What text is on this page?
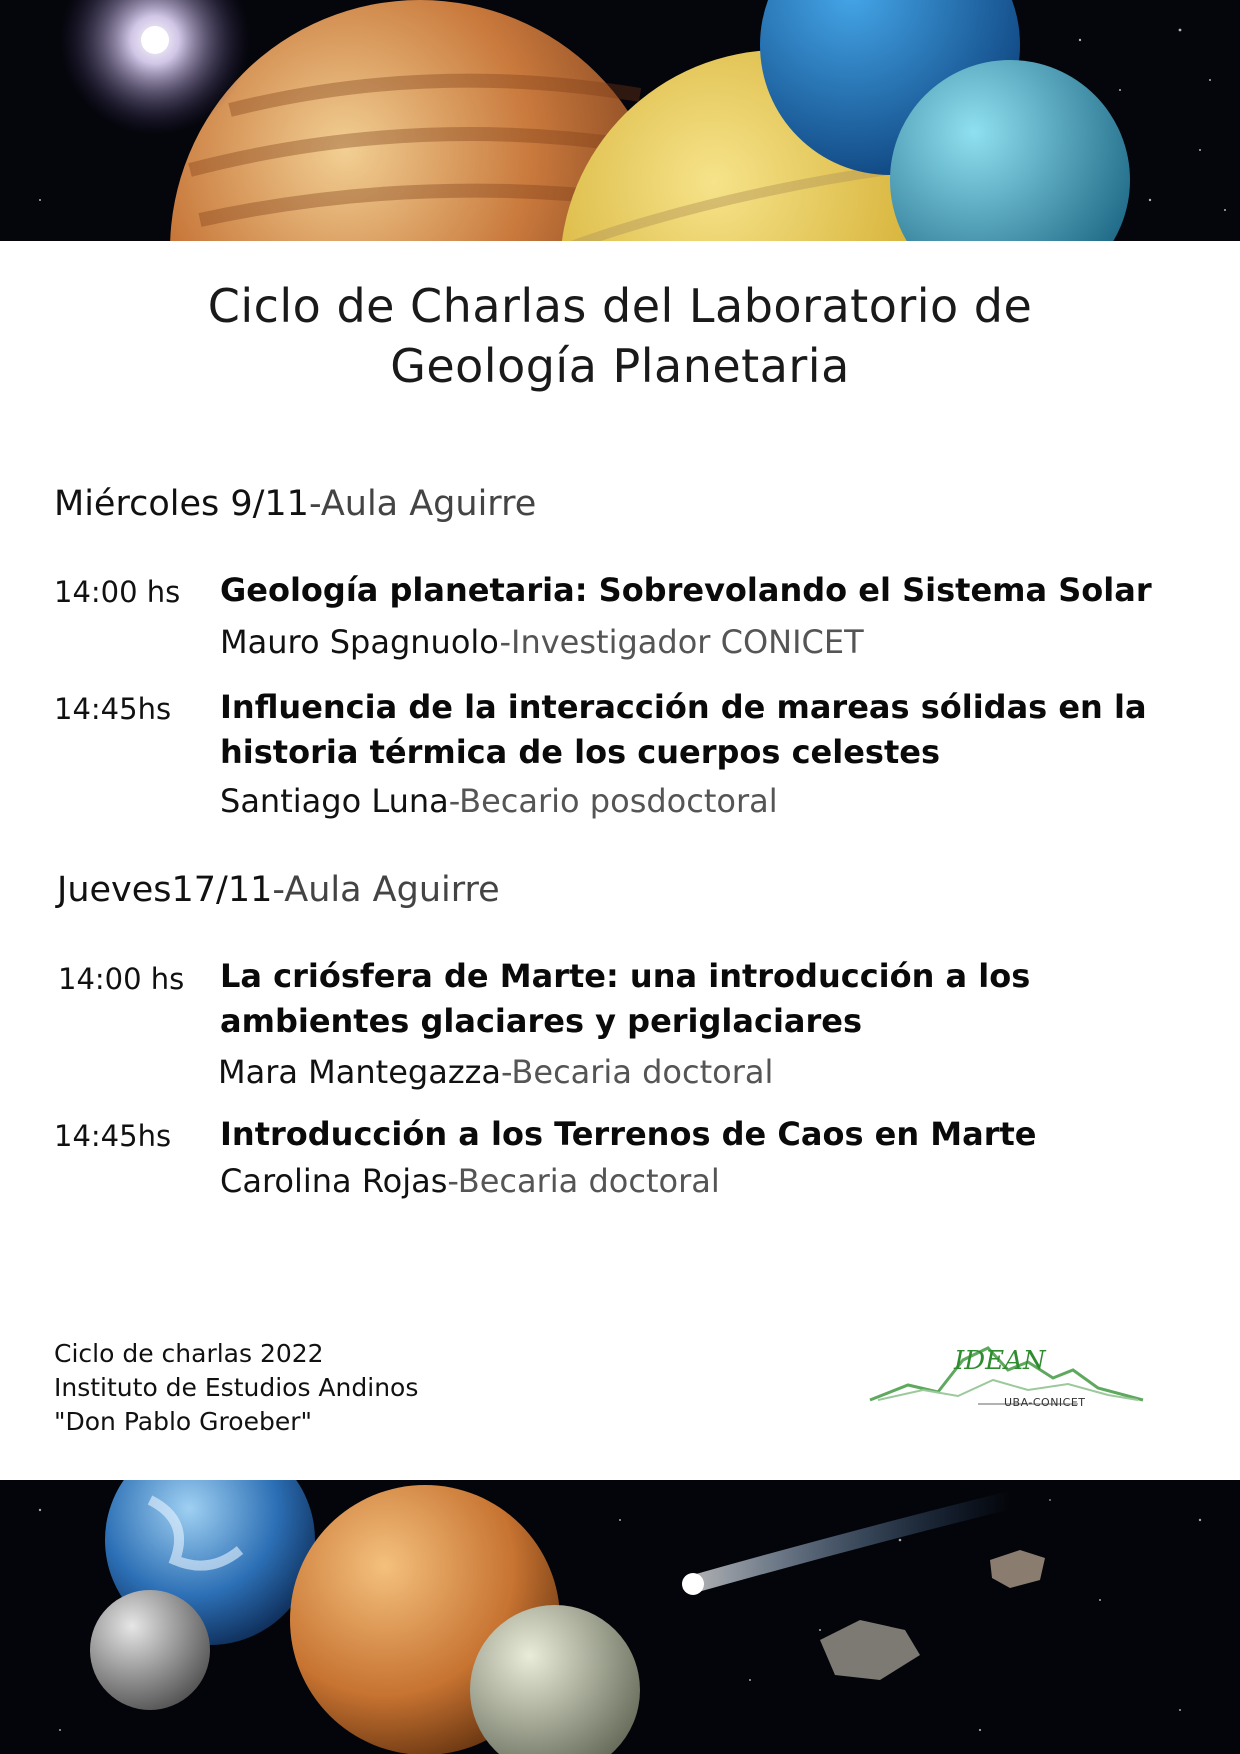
Ciclo de Charlas del Laboratorio de
Geología Planetaria
Miércoles 9/11-Aula Aguirre
14:00 hs Geología planetaria: Sobrevolando el Sistema Solar
Mauro Spagnuolo-Investigador CONICET
14:45hs Influencia de la interacción de mareas sólidas en la
historia térmica de los cuerpos celestes
Santiago Luna-Becario posdoctoral
Jueves17/11-Aula Aguirre
14:00 hs La criósfera de Marte: una introducción a los
ambientes glaciares y periglaciares
Mara Mantegazza-Becaria doctoral
14:45hs Introducción a los Terrenos de Caos en Marte
Carolina Rojas-Becaria doctoral
Ciclo de charlas 2022
Instituto de Estudios Andinos
"Don Pablo Groeber"
IDEAN
UBA-CONICET
